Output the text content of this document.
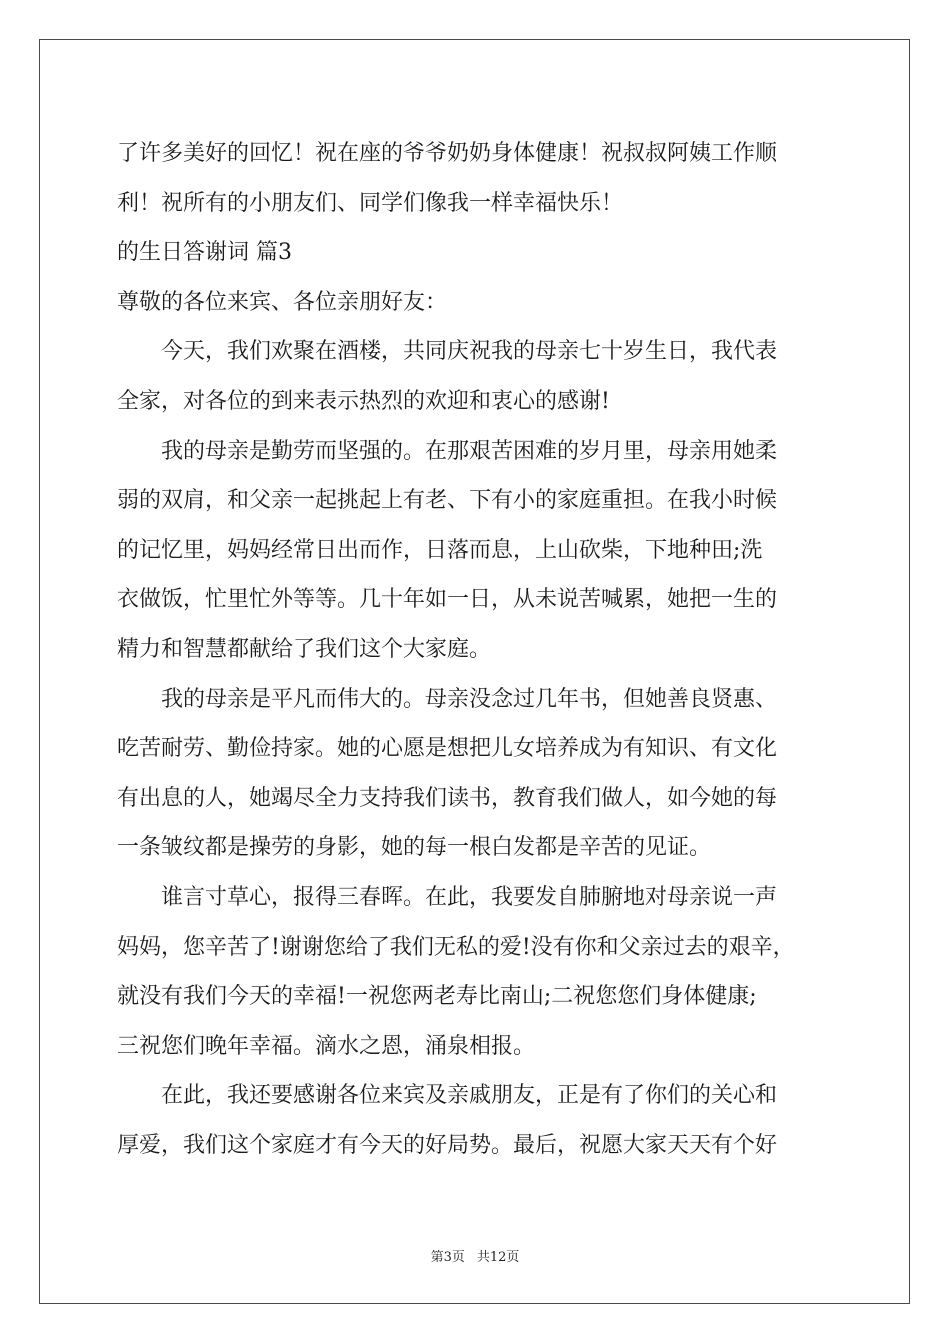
了许多美好的回忆！祝在座的爷爷奶奶身体健康！祝叔叔阿姨工作顺
利！祝所有的小朋友们、同学们像我一样幸福快乐！
的生日答谢词 篇3
尊敬的各位来宾、各位亲朋好友：
今天，我们欢聚在酒楼，共同庆祝我的母亲七十岁生日，我代表
全家，对各位的到来表示热烈的欢迎和衷心的感谢!
我的母亲是勤劳而坚强的。在那艰苦困难的岁月里，母亲用她柔
弱的双肩，和父亲一起挑起上有老、下有小的家庭重担。在我小时候
的记忆里，妈妈经常日出而作，日落而息，上山砍柴，下地种田;洗
衣做饭，忙里忙外等等。几十年如一日，从未说苦喊累，她把一生的
精力和智慧都献给了我们这个大家庭。
我的母亲是平凡而伟大的。母亲没念过几年书，但她善良贤惠、
吃苦耐劳、勤俭持家。她的心愿是想把儿女培养成为有知识、有文化
有出息的人，她竭尽全力支持我们读书，教育我们做人，如今她的每
一条皱纹都是操劳的身影，她的每一根白发都是辛苦的见证。
谁言寸草心，报得三春晖。在此，我要发自肺腑地对母亲说一声
妈妈，您辛苦了!谢谢您给了我们无私的爱!没有你和父亲过去的艰辛，
就没有我们今天的幸福!一祝您两老寿比南山;二祝您您们身体健康;
三祝您们晚年幸福。滴水之恩，涌泉相报。
在此，我还要感谢各位来宾及亲戚朋友，正是有了你们的关心和
厚爱，我们这个家庭才有今天的好局势。最后，祝愿大家天天有个好
第3页 共12页
